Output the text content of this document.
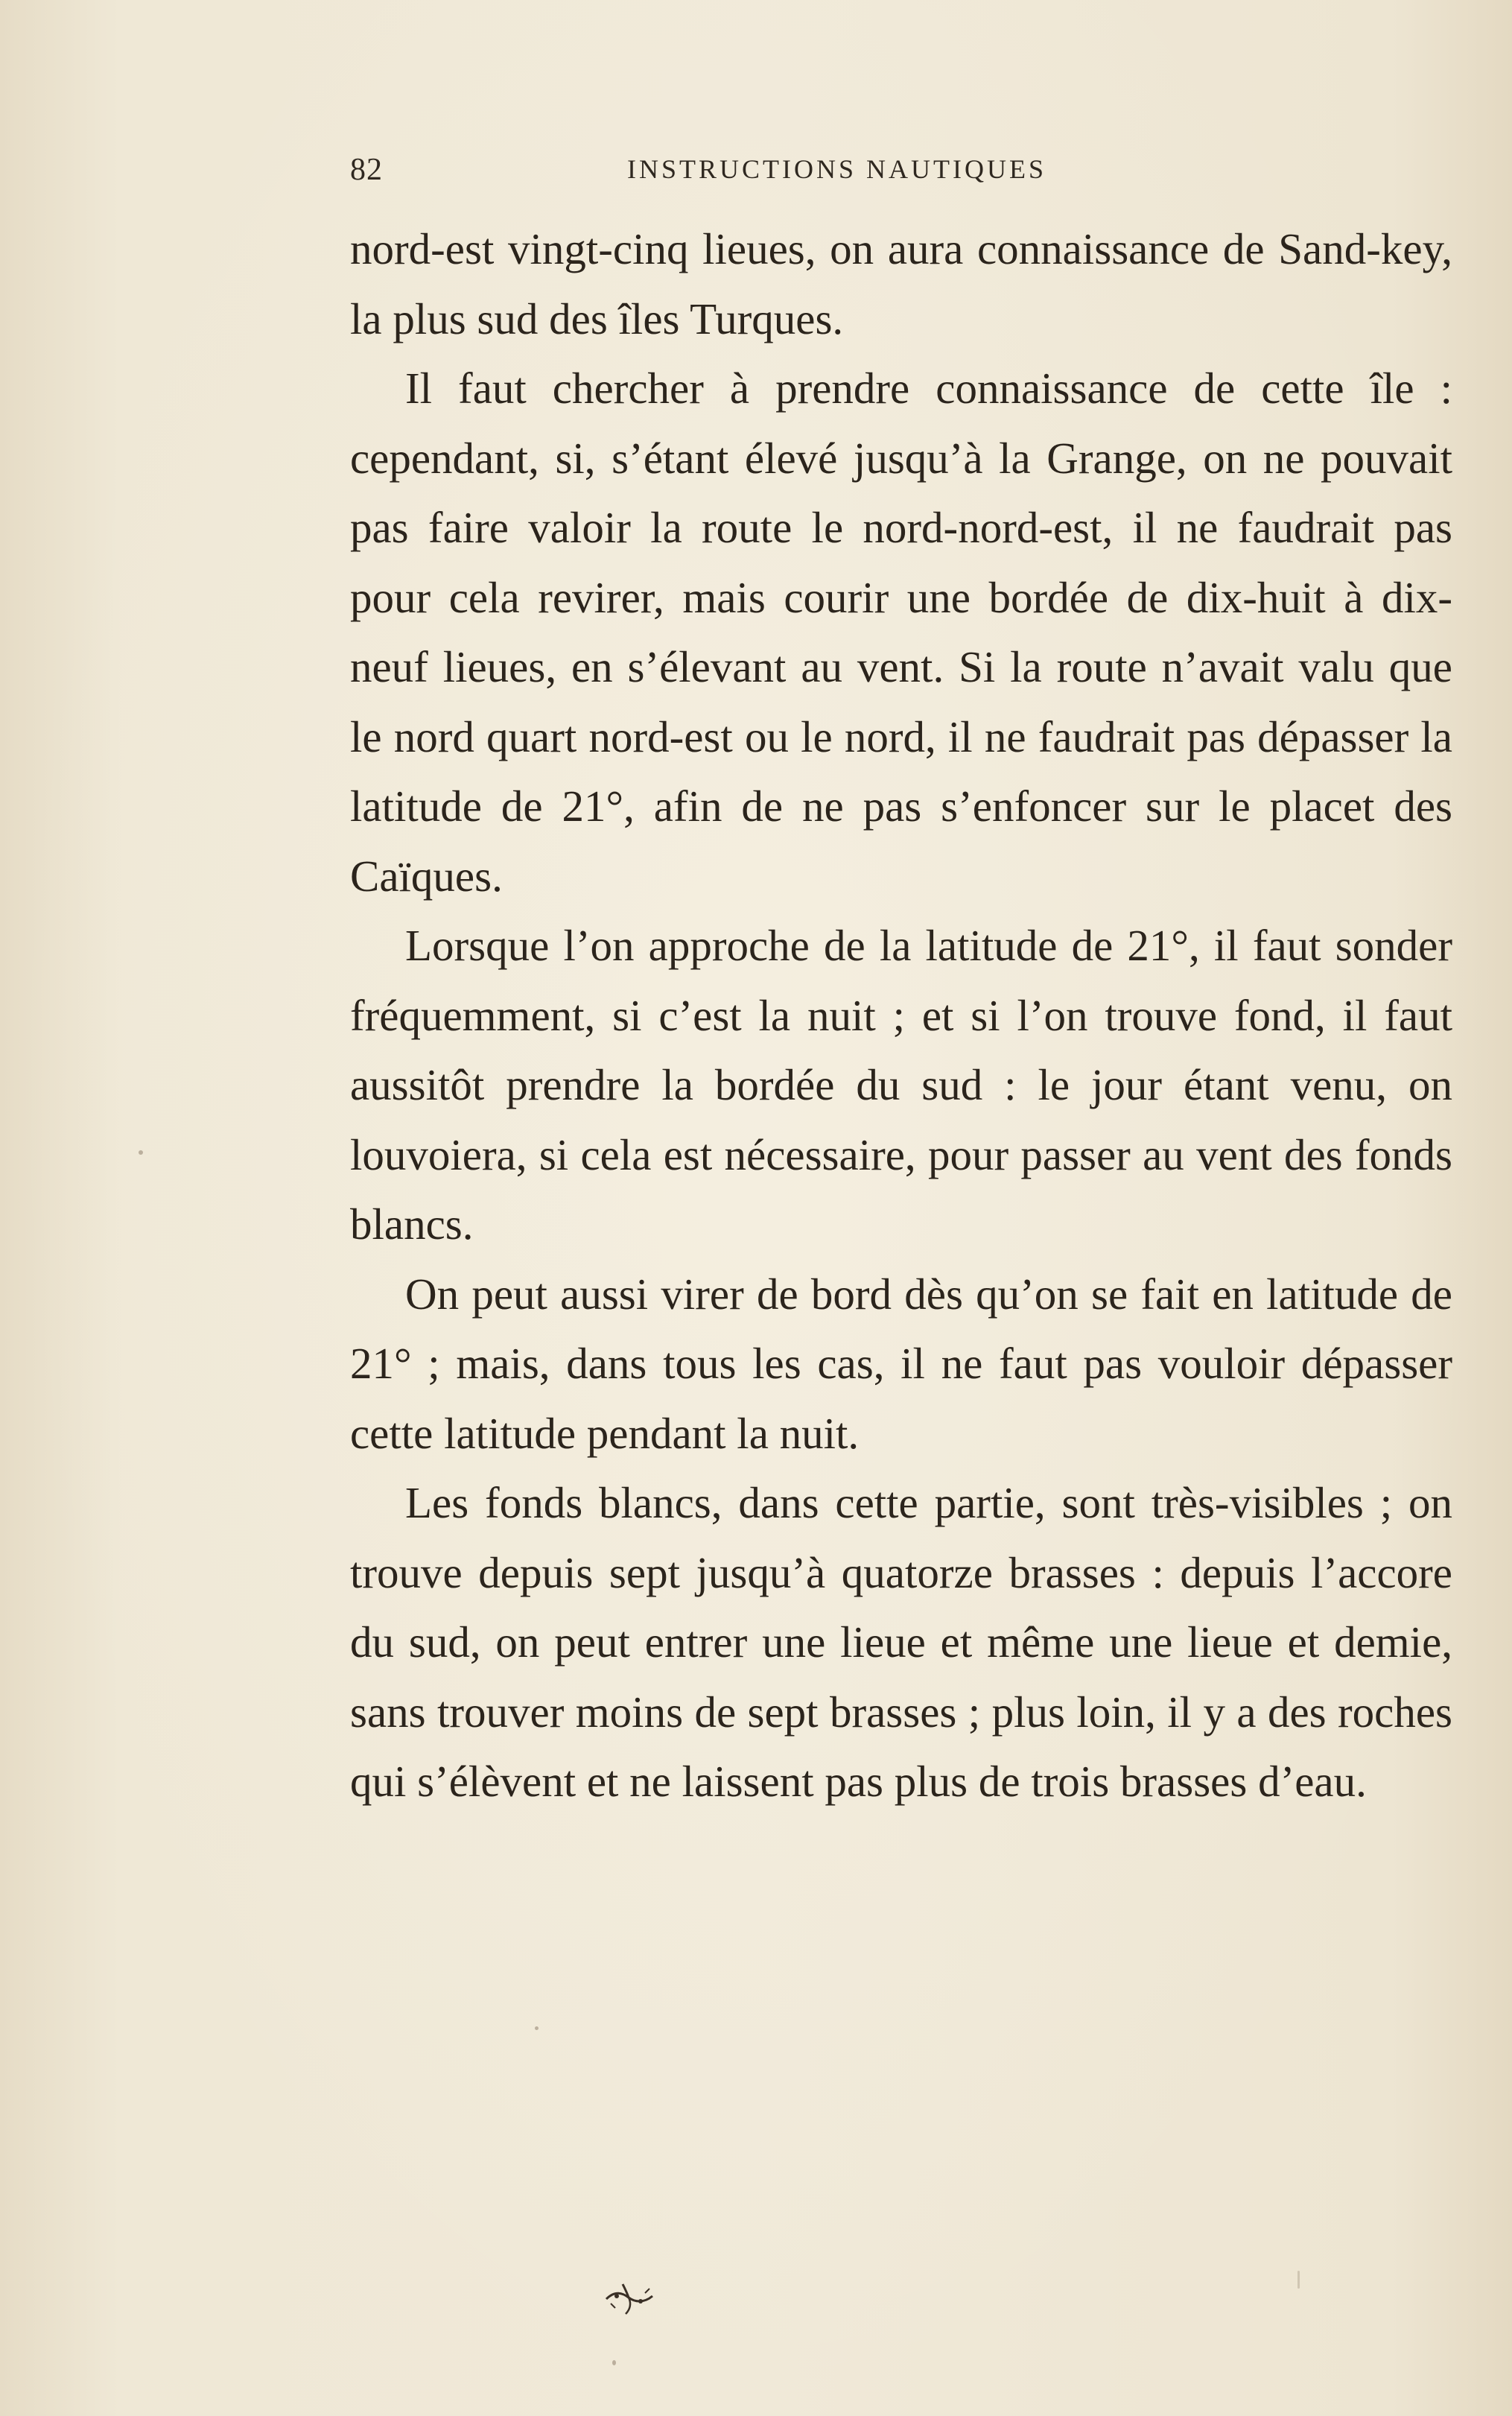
82	INSTRUCTIONS NAUTIQUES

nord-est vingt-cinq lieues, on aura connaissance de Sand-key, la plus sud des îles Turques.

Il faut chercher à prendre connaissance de cette île : cependant, si, s’étant élevé jusqu’à la Grange, on ne pouvait pas faire valoir la route le nord-nord-est, il ne faudrait pas pour cela revirer, mais courir une bordée de dix-huit à dix-neuf lieues, en s’élevant au vent. Si la route n’avait valu que le nord quart nord-est ou le nord, il ne faudrait pas dépasser la latitude de 21°, afin de ne pas s’enfoncer sur le placet des Caïques.

Lorsque l’on approche de la latitude de 21°, il faut sonder fréquemment, si c’est la nuit ; et si l’on trouve fond, il faut aussitôt prendre la bordée du sud : le jour étant venu, on louvoiera, si cela est nécessaire, pour passer au vent des fonds blancs.

On peut aussi virer de bord dès qu’on se fait en latitude de 21° ; mais, dans tous les cas, il ne faut pas vouloir dépasser cette latitude pendant la nuit.

Les fonds blancs, dans cette partie, sont très-visibles ; on trouve depuis sept jusqu’à quatorze brasses : depuis l’accore du sud, on peut entrer une lieue et même une lieue et demie, sans trouver moins de sept brasses ; plus loin, il y a des roches qui s’élèvent et ne laissent pas plus de trois brasses d’eau.
